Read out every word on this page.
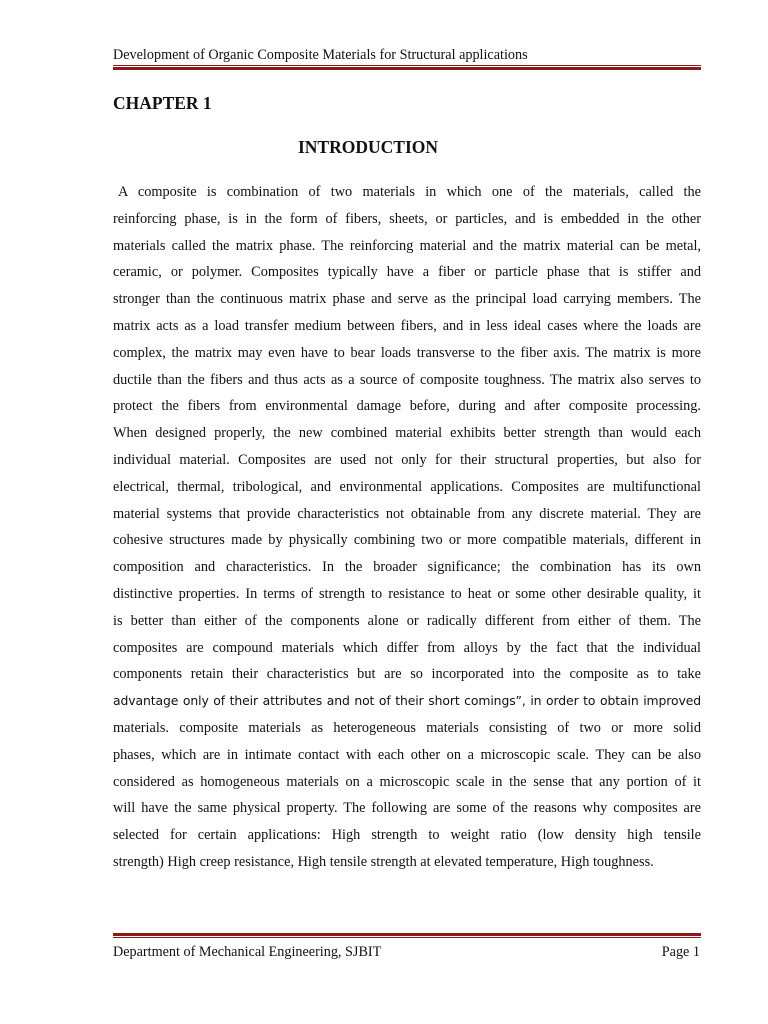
Development of Organic Composite Materials for Structural applications
CHAPTER 1
INTRODUCTION
A composite is combination of two materials in which one of the materials, called the
reinforcing phase, is in the form of fibers, sheets, or particles, and is embedded in the other
materials called the matrix phase. The reinforcing material and the matrix material can be metal,
ceramic, or polymer. Composites typically have a fiber or particle phase that is stiffer and
stronger than the continuous matrix phase and serve as the principal load carrying members. The
matrix acts as a load transfer medium between fibers, and in less ideal cases where the loads are
complex, the matrix may even have to bear loads transverse to the fiber axis. The matrix is more
ductile than the fibers and thus acts as a source of composite toughness. The matrix also serves to
protect the fibers from environmental damage before, during and after composite processing.
When designed properly, the new combined material exhibits better strength than would each
individual material. Composites are used not only for their structural properties, but also for
electrical, thermal, tribological, and environmental applications. Composites are multifunctional
material systems that provide characteristics not obtainable from any discrete material. They are
cohesive structures made by physically combining two or more compatible materials, different in
composition and characteristics. In the broader significance; the combination has its own
distinctive properties. In terms of strength to resistance to heat or some other desirable quality, it
is better than either of the components alone or radically different from either of them. The
composites are compound materials which differ from alloys by the fact that the individual
components retain their characteristics but are so incorporated into the composite as to take
advantage only of their attributes and not of their short comings”, in order to obtain improved
materials. composite materials as heterogeneous materials consisting of two or more solid
phases, which are in intimate contact with each other on a microscopic scale. They can be also
considered as homogeneous materials on a microscopic scale in the sense that any portion of it
will have the same physical property. The following are some of the reasons why composites are
selected for certain applications: High strength to weight ratio (low density high tensile
strength) High creep resistance, High tensile strength at elevated temperature, High toughness.
Department of Mechanical Engineering, SJBIT	Page 1
